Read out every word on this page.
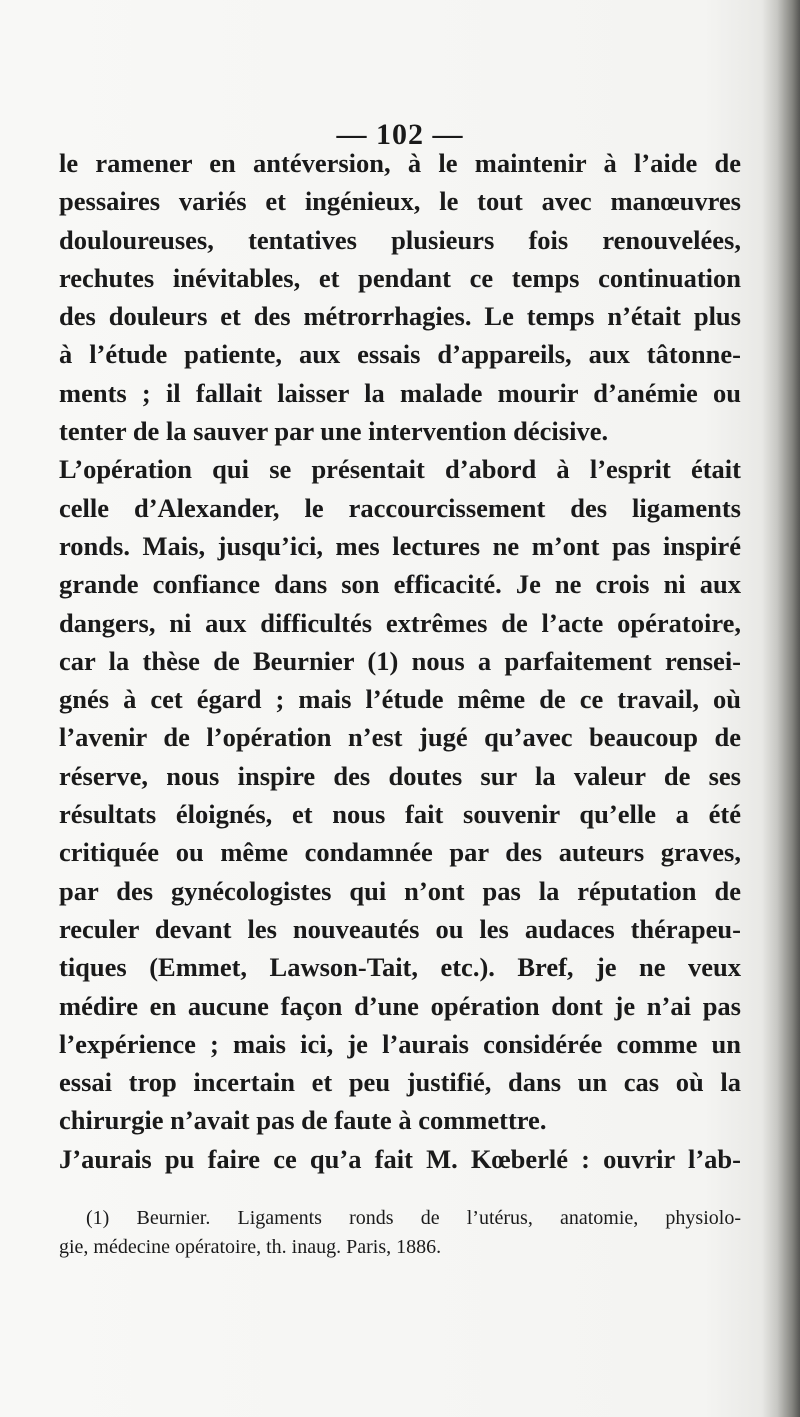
— 102 —
le ramener en antéversion, à le maintenir à l’aide de
pessaires variés et ingénieux, le tout avec manœuvres
douloureuses, tentatives plusieurs fois renouvelées,
rechutes inévitables, et pendant ce temps continuation
des douleurs et des métrorrhagies. Le temps n’était plus
à l’étude patiente, aux essais d’appareils, aux tâtonne-
ments ; il fallait laisser la malade mourir d’anémie ou
tenter de la sauver par une intervention décisive.
L’opération qui se présentait d’abord à l’esprit était
celle d’Alexander, le raccourcissement des ligaments
ronds. Mais, jusqu’ici, mes lectures ne m’ont pas inspiré
grande confiance dans son efficacité. Je ne crois ni aux
dangers, ni aux difficultés extrêmes de l’acte opératoire,
car la thèse de Beurnier (1) nous a parfaitement rensei-
gnés à cet égard ; mais l’étude même de ce travail, où
l’avenir de l’opération n’est jugé qu’avec beaucoup de
réserve, nous inspire des doutes sur la valeur de ses
résultats éloignés, et nous fait souvenir qu’elle a été
critiquée ou même condamnée par des auteurs graves,
par des gynécologistes qui n’ont pas la réputation de
reculer devant les nouveautés ou les audaces thérapeu-
tiques (Emmet, Lawson-Tait, etc.). Bref, je ne veux
médire en aucune façon d’une opération dont je n’ai pas
l’expérience ; mais ici, je l’aurais considérée comme un
essai trop incertain et peu justifié, dans un cas où la
chirurgie n’avait pas de faute à commettre.
J’aurais pu faire ce qu’a fait M. Kœberlé : ouvrir l’ab-
(1) Beurnier. Ligaments ronds de l’utérus, anatomie, physiolo-
gie, médecine opératoire, th. inaug. Paris, 1886.
